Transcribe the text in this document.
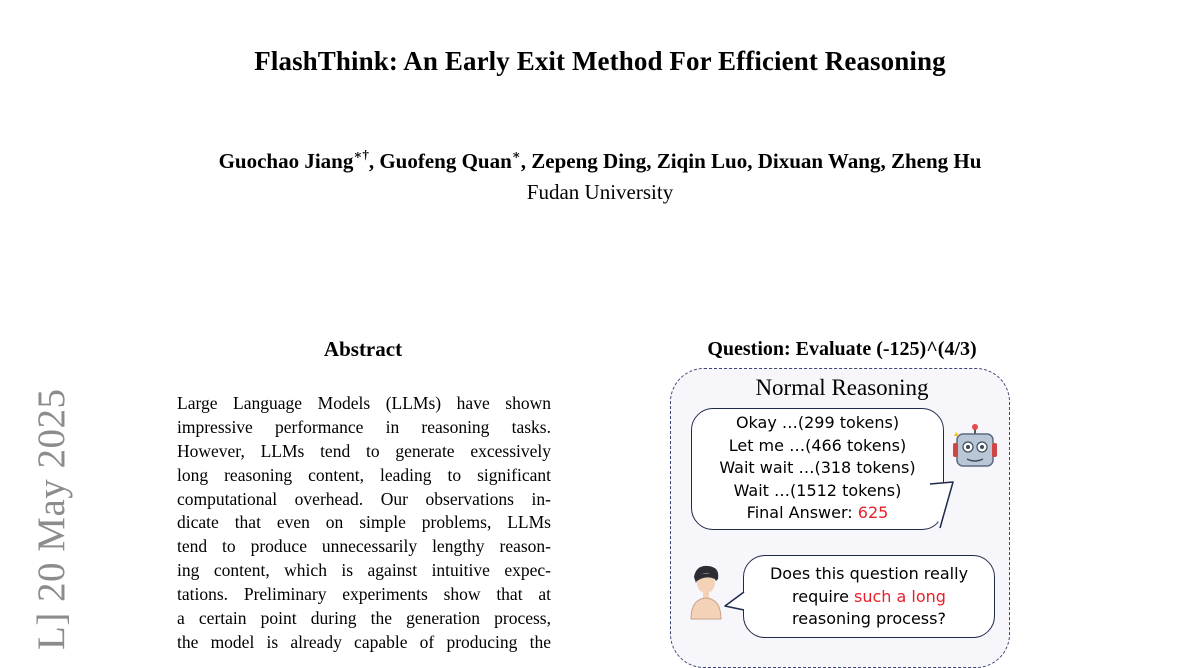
FlashThink: An Early Exit Method For Efficient Reasoning
Guochao Jiang∗†, Guofeng Quan∗, Zepeng Ding, Ziqin Luo, Dixuan Wang, Zheng Hu
Fudan University
L] 20 May 2025
Abstract
Large Language Models (LLMs) have shown
impressive performance in reasoning tasks.
However, LLMs tend to generate excessively
long reasoning content, leading to significant
computational overhead. Our observations in-
dicate that even on simple problems, LLMs
tend to produce unnecessarily lengthy reason-
ing content, which is against intuitive expec-
tations. Preliminary experiments show that at
a certain point during the generation process,
the model is already capable of producing the
Question: Evaluate (-125)^(4/3)
Normal Reasoning
Okay …(299 tokens)
Let me …(466 tokens)
Wait wait …(318 tokens)
Wait …(1512 tokens)
Final Answer: 625
Does this question really
require such a long
reasoning process?
